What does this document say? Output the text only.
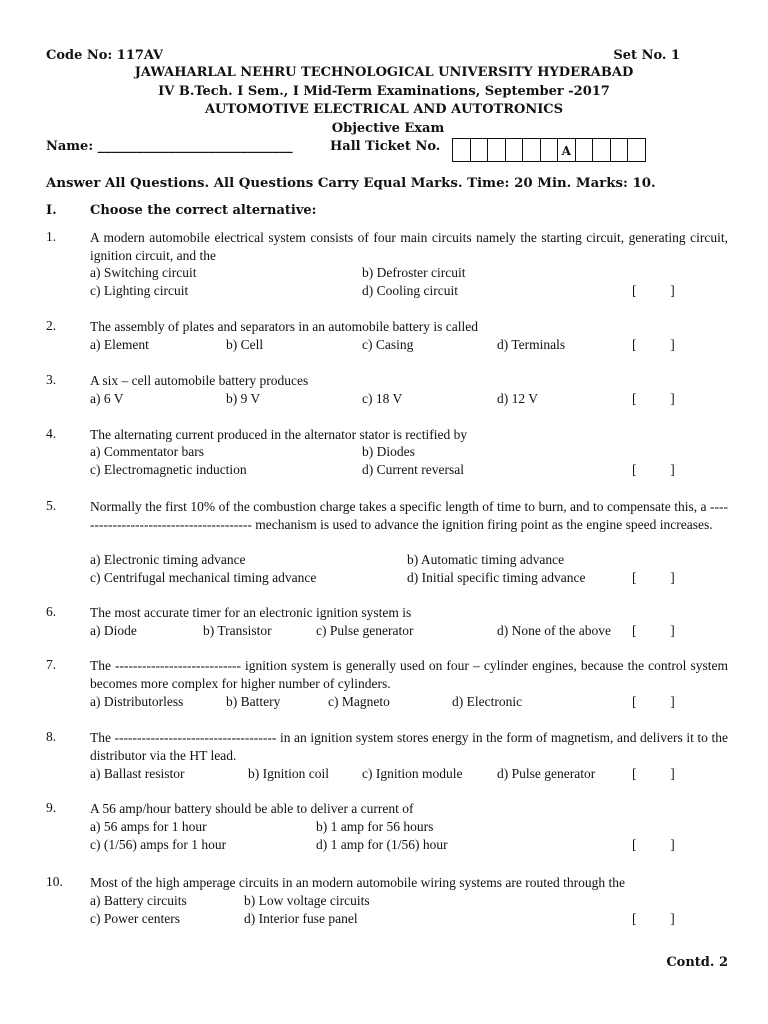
Code No: 117AV	Set No. 1
JAWAHARLAL NEHRU TECHNOLOGICAL UNIVERSITY HYDERABAD
IV B.Tech. I Sem., I Mid-Term Examinations, September -2017
AUTOMOTIVE ELECTRICAL AND AUTOTRONICS
Objective Exam
Name: ______________________________	Hall Ticket No.	A
Answer All Questions. All Questions Carry Equal Marks. Time: 20 Min. Marks: 10.
I.	Choose the correct alternative:
1.	A modern automobile electrical system consists of four main circuits namely the starting circuit, generating circuit, ignition circuit, and the
a) Switching circuit	b) Defroster circuit
c) Lighting circuit	d) Cooling circuit	[          ]
2.	The assembly of plates and separators in an automobile battery is called
a) Element	b) Cell	c) Casing	d) Terminals	[          ]
3.	A six – cell automobile battery produces
a) 6 V	b) 9 V	c) 18 V	d) 12 V	[          ]
4.	The alternating current produced in the alternator stator is rectified by
a) Commentator bars	b) Diodes
c) Electromagnetic induction	d) Current reversal	[          ]
5.	Normally the first 10% of the combustion charge takes a specific length of time to burn, and to compensate this, a ---------------------------------------- mechanism is used to advance the ignition firing point as the engine speed increases.
a) Electronic timing advance	b) Automatic timing advance
c) Centrifugal mechanical timing advance	d) Initial specific timing advance	[          ]
6.	The most accurate timer for an electronic ignition system is
a) Diode	b) Transistor	c) Pulse generator	d) None of the above [          ]
7.	The ---------------------------- ignition system is generally used on four – cylinder engines, because the control system becomes more complex for higher number of cylinders.
a) Distributorless	b) Battery	c) Magneto	d) Electronic	[          ]
8.	The ------------------------------------ in an ignition system stores energy in the form of magnetism, and delivers it to the distributor via the HT lead.
a) Ballast resistor	b) Ignition coil c) Ignition module	d) Pulse generator	[          ]
9.	A 56 amp/hour battery should be able to deliver a current of
a) 56 amps for 1 hour	b) 1 amp for 56 hours
c) (1/56) amps for 1 hour	d) 1 amp for (1/56) hour	[          ]
10. Most of the high amperage circuits in an modern automobile wiring systems are routed through the
a) Battery circuits	b) Low voltage circuits
c) Power centers	d) Interior fuse panel	[          ]
Contd. 2
